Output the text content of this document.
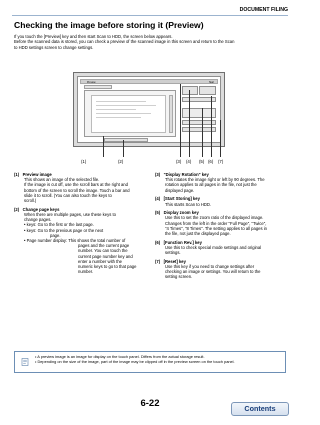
DOCUMENT FILING
Checking the image before storing it (Preview)
If you touch the [Preview] key and then start Scan to HDD, the screen below appears.
Before the scanned data is stored, you can check a preview of the scanned image in this screen and return to the Scan
to HDD settings screen to change settings.
Preview	Start
(1)	(2)	(3) (4) (5) (6) (7)
(1) Preview image
This shows an image of the selected file.
If the image is cut off, use the scroll bars at the right and
bottom of the screen to scroll the image. Touch a bar and
slide it to scroll. (You can also touch the keys to
scroll.)
(2) Change page keys
When there are multiple pages, use these keys to
change pages.
• keys: Go to the first or the last page.
• keys: Go to the previous page or the next
page.
• Page number display: This shows the total number of
pages and the current page
number. You can touch the
current page number key and
enter a number with the
numeric keys to go to that page
number.
(3) "Display Rotation" key
This rotates the image right or left by 90 degrees. The
rotation applies to all pages in the file, not just the
displayed page.
(4) [Start Storing] key
This starts Scan to HDD.
(5) Display zoom key
Use this to set the zoom ratio of the displayed image.
Changes from the left in the order "Full Page", "Twice",
"4 Times", "8 Times". The setting applies to all pages in
the file, not just the displayed page.
(6) [Function Rev.] key
Use this to check special mode settings and original
settings.
(7) [Reset] key
Use this key if you need to change settings after
checking an image or settings. You will return to the
setting screen.
• A preview image is an image for display on the touch panel. Differs from the actual storage result.
• Depending on the size of the image, part of the image may be clipped off in the preview screen on the touch panel.
6-22	Contents
